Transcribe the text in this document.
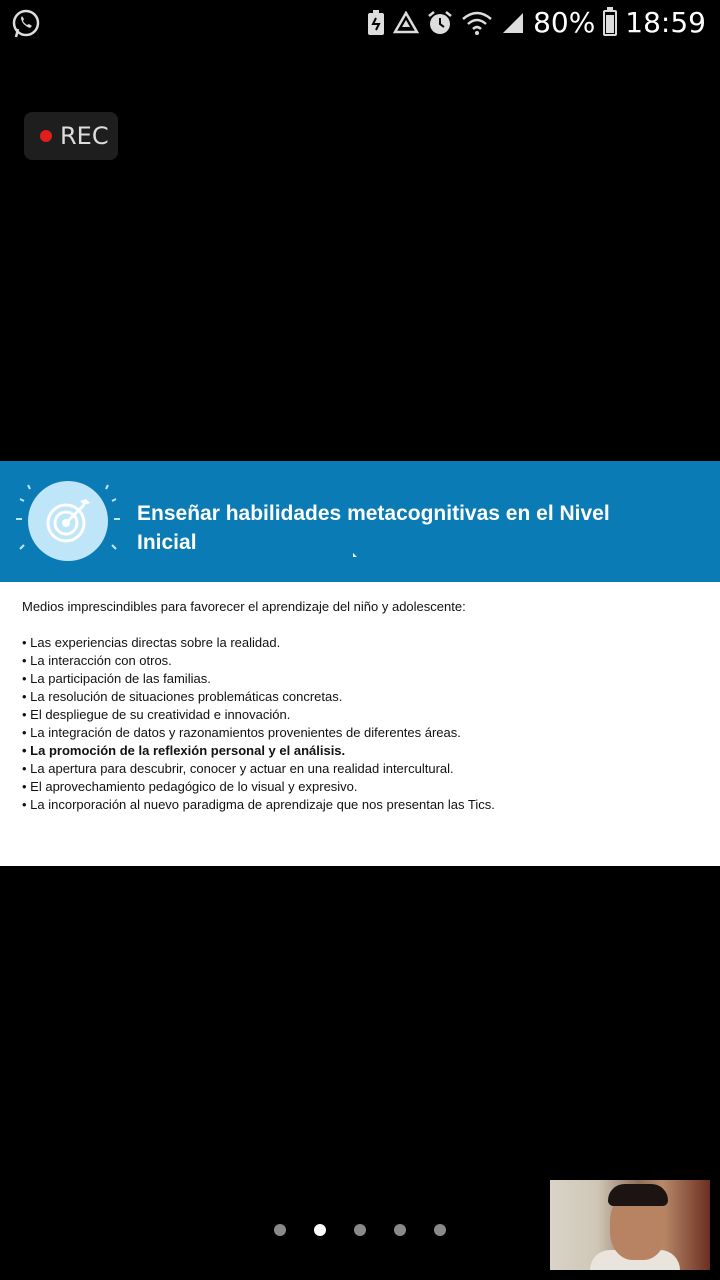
80% 18:59
REC
Enseñar habilidades metacognitivas en el Nivel Inicial

Medios imprescindibles para favorecer el aprendizaje del niño y adolescente:

• Las experiencias directas sobre la realidad.
• La interacción con otros.
• La participación de las familias.
• La resolución de situaciones problemáticas concretas.
• El despliegue de su creatividad e innovación.
• La integración de datos y razonamientos provenientes de diferentes áreas.
• La promoción de la reflexión personal y el análisis.
• La apertura para descubrir, conocer y actuar en una realidad intercultural.
• El aprovechamiento pedagógico de lo visual y expresivo.
• La incorporación al nuevo paradigma de aprendizaje que nos presentan las Tics.
